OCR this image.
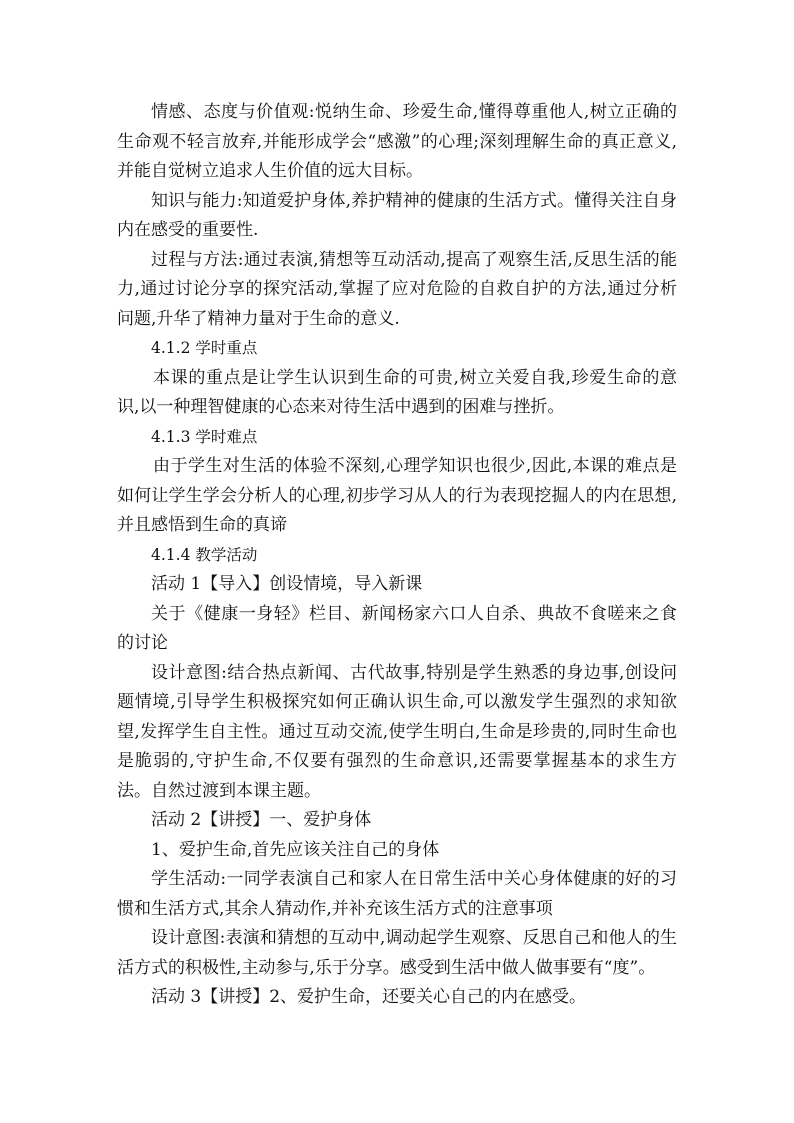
情感、态度与价值观:悦纳生命、珍爱生命,懂得尊重他人,树立正确的生命观不轻言放弃,并能形成学会“感激”的心理;深刻理解生命的真正意义,并能自觉树立追求人生价值的远大目标。

知识与能力:知道爱护身体,养护精神的健康的生活方式。懂得关注自身内在感受的重要性.

过程与方法:通过表演,猜想等互动活动,提高了观察生活,反思生活的能力,通过讨论分享的探究活动,掌握了应对危险的自救自护的方法,通过分析问题,升华了精神力量对于生命的意义.

4.1.2 学时重点

本课的重点是让学生认识到生命的可贵,树立关爱自我,珍爱生命的意识,以一种理智健康的心态来对待生活中遇到的困难与挫折。

4.1.3 学时难点

由于学生对生活的体验不深刻,心理学知识也很少,因此,本课的难点是如何让学生学会分析人的心理,初步学习从人的行为表现挖掘人的内在思想,并且感悟到生命的真谛

4.1.4 教学活动

活动 1【导入】创设情境，导入新课

关于《健康一身轻》栏目、新闻杨家六口人自杀、典故不食嗟来之食的讨论

设计意图:结合热点新闻、古代故事,特别是学生熟悉的身边事,创设问题情境,引导学生积极探究如何正确认识生命,可以激发学生强烈的求知欲望,发挥学生自主性。通过互动交流,使学生明白,生命是珍贵的,同时生命也是脆弱的,守护生命,不仅要有强烈的生命意识,还需要掌握基本的求生方法。自然过渡到本课主题。

活动 2【讲授】一、爱护身体

1、爱护生命,首先应该关注自己的身体

学生活动:一同学表演自己和家人在日常生活中关心身体健康的好的习惯和生活方式,其余人猜动作,并补充该生活方式的注意事项

设计意图:表演和猜想的互动中,调动起学生观察、反思自己和他人的生活方式的积极性,主动参与,乐于分享。感受到生活中做人做事要有“度”。

活动 3【讲授】2、爱护生命，还要关心自己的内在感受。
